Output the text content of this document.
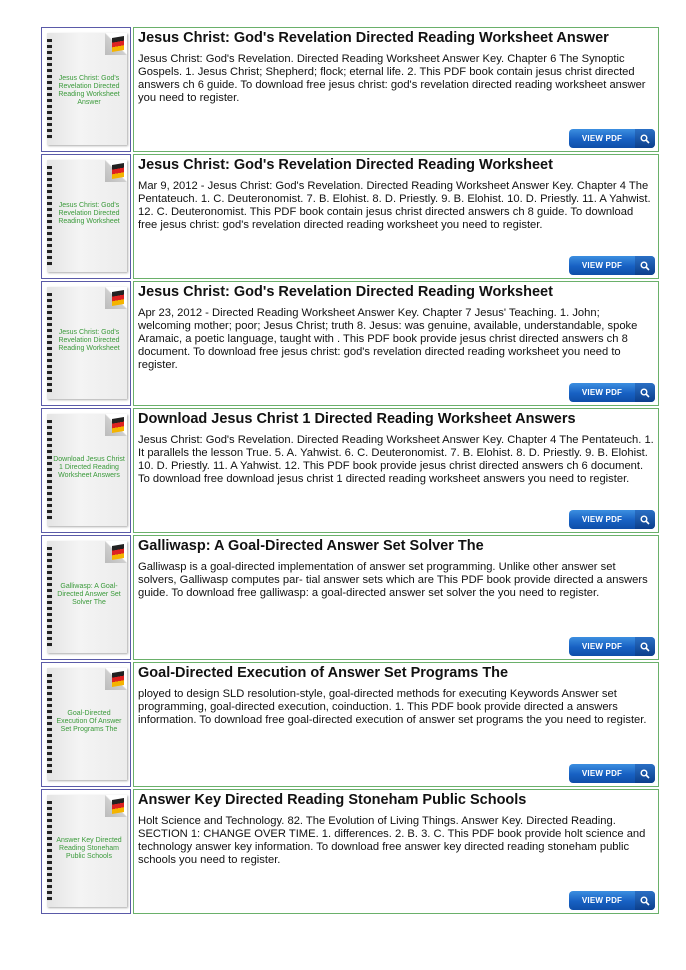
Jesus Christ: God's Revelation Directed Reading Worksheet Answer
Jesus Christ: God's Revelation Directed Reading Worksheet Answer
Jesus Christ: God's Revelation. Directed Reading Worksheet Answer Key. Chapter 6 The Synoptic Gospels. 1. Jesus Christ; Shepherd; flock; eternal life. 2. This PDF book contain jesus christ directed answers ch 6 guide. To download free jesus christ: god's revelation directed reading worksheet answer you need to register.
VIEW PDF
Jesus Christ: God's Revelation Directed Reading Worksheet
Jesus Christ: God's Revelation Directed Reading Worksheet
Mar 9, 2012 - Jesus Christ: God's Revelation. Directed Reading Worksheet Answer Key. Chapter 4 The Pentateuch. 1. C. Deuteronomist. 7. B. Elohist. 8. D. Priestly. 9. B. Elohist. 10. D. Priestly. 11. A Yahwist. 12. C. Deuteronomist. This PDF book contain jesus christ directed answers ch 8 guide. To download free jesus christ: god's revelation directed reading worksheet you need to register.
VIEW PDF
Jesus Christ: God's Revelation Directed Reading Worksheet
Jesus Christ: God's Revelation Directed Reading Worksheet
Apr 23, 2012 - Directed Reading Worksheet Answer Key. Chapter 7 Jesus' Teaching. 1. John; welcoming mother; poor; Jesus Christ; truth 8. Jesus: was genuine, available, understandable, spoke Aramaic, a poetic language, taught with . This PDF book provide jesus christ directed answers ch 8 document. To download free jesus christ: god's revelation directed reading worksheet you need to register.
VIEW PDF
Download Jesus Christ 1 Directed Reading Worksheet Answers
Download Jesus Christ 1 Directed Reading Worksheet Answers
Jesus Christ: God's Revelation. Directed Reading Worksheet Answer Key. Chapter 4 The Pentateuch. 1. It parallels the lesson True. 5. A. Yahwist. 6. C. Deuteronomist. 7. B. Elohist. 8. D. Priestly. 9. B. Elohist. 10. D. Priestly. 11. A Yahwist. 12. This PDF book provide jesus christ directed answers ch 6 document. To download free download jesus christ 1 directed reading worksheet answers you need to register.
VIEW PDF
Galliwasp: A Goal-Directed Answer Set Solver The
Galliwasp: A Goal-Directed Answer Set Solver The
Galliwasp is a goal-directed implementation of answer set programming. Unlike other answer set solvers, Galliwasp computes par- tial answer sets which are This PDF book provide directed a answers guide. To download free galliwasp: a goal-directed answer set solver the you need to register.
VIEW PDF
Goal-Directed Execution Of Answer Set Programs The
Goal-Directed Execution of Answer Set Programs The
ployed to design SLD resolution-style, goal-directed methods for executing Keywords Answer set programming, goal-directed execution, coinduction. 1. This PDF book provide directed a answers information. To download free goal-directed execution of answer set programs the you need to register.
VIEW PDF
Answer Key Directed Reading Stoneham Public Schools
Answer Key Directed Reading Stoneham Public Schools
Holt Science and Technology. 82. The Evolution of Living Things. Answer Key. Directed Reading. SECTION 1: CHANGE OVER TIME. 1. differences. 2. B. 3. C. This PDF book provide holt science and technology answer key information. To download free answer key directed reading stoneham public schools you need to register.
VIEW PDF
